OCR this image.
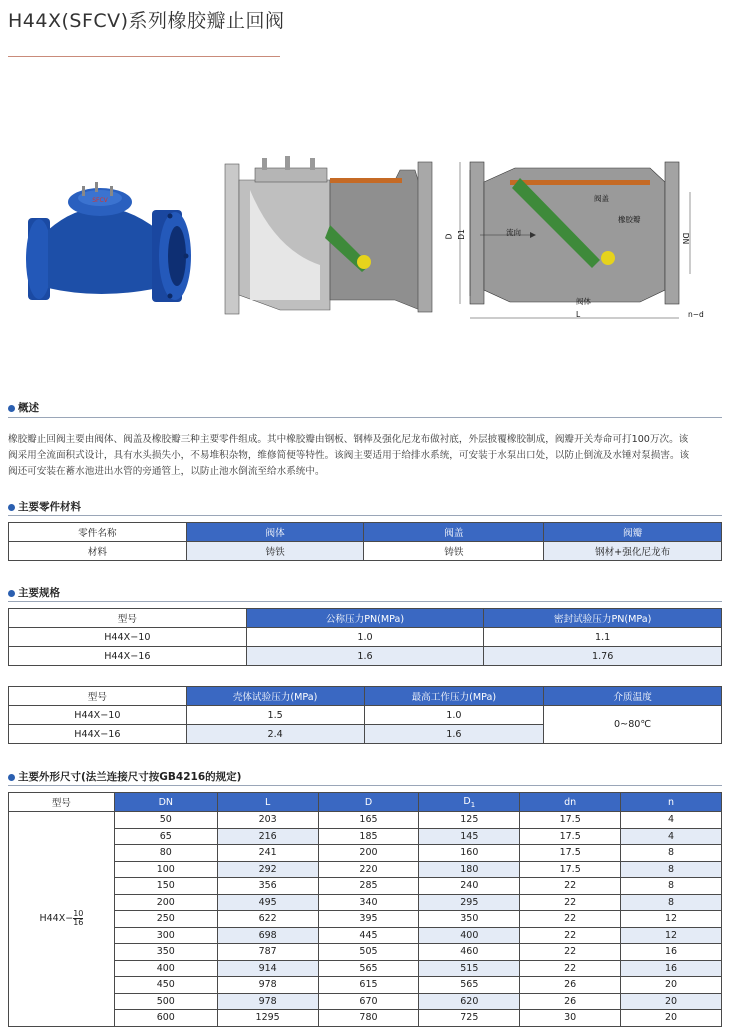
H44X(SFCV)系列橡胶瓣止回阀
SFCV
流向
阀盖
橡胶瓣
阀体
D D1	DN
L	n−d
概述
橡胶瓣止回阀主要由阀体、阀盖及橡胶瓣三种主要零件组成。其中橡胶瓣由钢板、钢棒及强化尼龙布做衬底，外层披覆橡胶制成，阀瓣开关寿命可打100万次。该
阀采用全流面积式设计，具有水头损失小，不易堆积杂物，维修简便等特性。该阀主要适用于给排水系统，可安装于水泵出口处，以防止倒流及水锤对泵损害。该
阀还可安装在蓄水池进出水管的旁通管上，以防止池水倒流至给水系统中。
主要零件材料
零件名称	阀体	阀盖	阀瓣
材料	铸铁	铸铁	钢材+强化尼龙布
主要规格
型号	公称压力PN(MPa)	密封试验压力PN(MPa)
H44X−10	1.0	1.1
H44X−16	1.6	1.76
型号	壳体试验压力(MPa)	最高工作压力(MPa)	介质温度
H44X−10	1.5	1.0	0~80℃
H44X−16	2.4	1.6	
主要外形尺寸(法兰连接尺寸按GB4216的规定)
型号	DN	L	D	$D_1$	dn	n
$H44X- \frac{10}{16}$	50	203	165	125	17.5	4
	65	216	185	145	17.5	4
	80	241	200	160	17.5	8
	100	292	220	180	17.5	8
	150	356	285	240	22	8
	200	495	340	295	22	8
	250	622	395	350	22	12
	300	698	445	400	22	12
	350	787	505	460	22	16
	400	914	565	515	22	16
	450	978	615	565	26	20
	500	978	670	620	26	20
	600	1295	780	725	30	20
